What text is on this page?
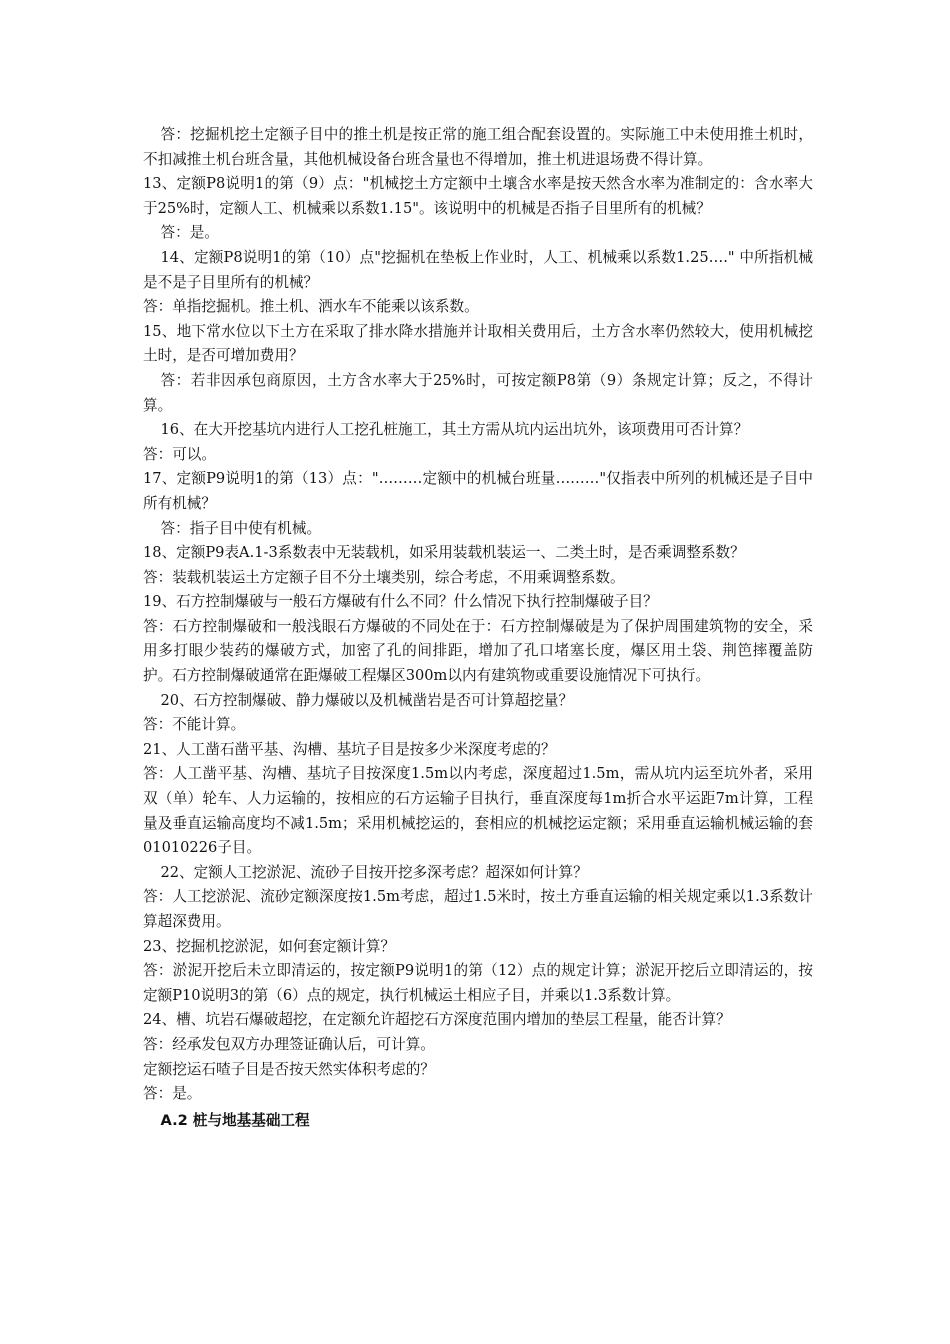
答：挖掘机挖土定额子目中的推土机是按正常的施工组合配套设置的。实际施工中未使用推土机时，不扣减推土机台班含量，其他机械设备台班含量也不得增加，推土机进退场费不得计算。

13、定额P8说明1的第（9）点："机械挖土方定额中土壤含水率是按天然含水率为准制定的：含水率大于25%时，定额人工、机械乘以系数1.15"。该说明中的机械是否指子目里所有的机械？

答：是。

14、定额P8说明1的第（10）点"挖掘机在垫板上作业时，人工、机械乘以系数1.25…." 中所指机械是不是子目里所有的机械？

答：单指挖掘机。推土机、洒水车不能乘以该系数。

15、地下常水位以下土方在采取了排水降水措施并计取相关费用后，土方含水率仍然较大，使用机械挖土时，是否可增加费用？

答：若非因承包商原因，土方含水率大于25%时，可按定额P8第（9）条规定计算；反之，不得计算。

16、在大开挖基坑内进行人工挖孔桩施工，其土方需从坑内运出坑外，该项费用可否计算？

答：可以。

17、定额P9说明1的第（13）点："………定额中的机械台班量………"仅指表中所列的机械还是子目中所有机械？

答：指子目中使有机械。

18、定额P9表A.1-3系数表中无装载机，如采用装载机装运一、二类土时，是否乘调整系数？

答：装载机装运土方定额子目不分土壤类别，综合考虑，不用乘调整系数。

19、石方控制爆破与一般石方爆破有什么不同？什么情况下执行控制爆破子目？

答：石方控制爆破和一般浅眼石方爆破的不同处在于：石方控制爆破是为了保护周围建筑物的安全，采用多打眼少装药的爆破方式，加密了孔的间排距，增加了孔口堵塞长度，爆区用土袋、荆笆摔覆盖防护。石方控制爆破通常在距爆破工程爆区300m以内有建筑物或重要设施情况下可执行。

20、石方控制爆破、静力爆破以及机械凿岩是否可计算超挖量？

答：不能计算。

21、人工凿石凿平基、沟槽、基坑子目是按多少米深度考虑的？

答：人工凿平基、沟槽、基坑子目按深度1.5m以内考虑，深度超过1.5m，需从坑内运至坑外者，采用双（单）轮车、人力运输的，按相应的石方运输子目执行，垂直深度每1m折合水平运距7m计算，工程量及垂直运输高度均不减1.5m；采用机械挖运的，套相应的机械挖运定额；采用垂直运输机械运输的套01010226子目。

22、定额人工挖淤泥、流砂子目按开挖多深考虑？超深如何计算？

答：人工挖淤泥、流砂定额深度按1.5m考虑，超过1.5米时，按土方垂直运输的相关规定乘以1.3系数计算超深费用。

23、挖掘机挖淤泥，如何套定额计算？

答：淤泥开挖后未立即清运的，按定额P9说明1的第（12）点的规定计算；淤泥开挖后立即清运的，按定额P10说明3的第（6）点的规定，执行机械运土相应子目，并乘以1.3系数计算。

24、槽、坑岩石爆破超挖，在定额允许超挖石方深度范围内增加的垫层工程量，能否计算？

答：经承发包双方办理签证确认后，可计算。

定额挖运石喳子目是否按天然实体积考虑的？

答：是。

A.2 桩与地基基础工程
